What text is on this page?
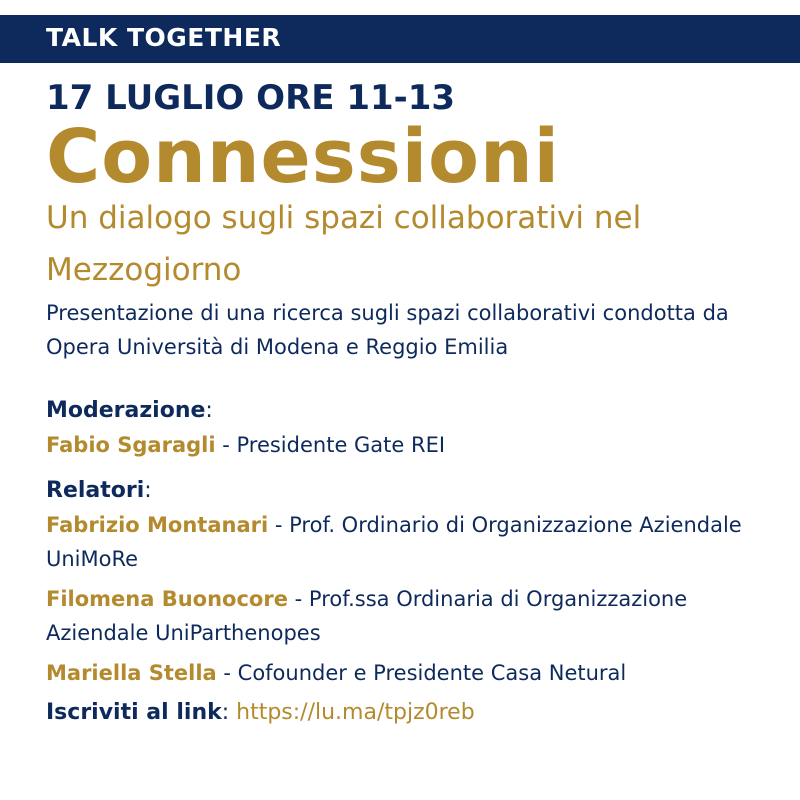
TALK TOGETHER
17 LUGLIO ORE 11-13
Connessioni
Un dialogo sugli spazi collaborativi nel Mezzogiorno
Presentazione di una ricerca sugli spazi collaborativi condotta da Opera Università di Modena e Reggio Emilia
Moderazione:
Fabio Sgaragli - Presidente Gate REI
Relatori:
Fabrizio Montanari - Prof. Ordinario di Organizzazione Aziendale UniMoRe
Filomena Buonocore - Prof.ssa Ordinaria di Organizzazione Aziendale UniParthenopes
Mariella Stella - Cofounder e Presidente Casa Netural
Iscriviti al link: https://lu.ma/tpjz0reb
